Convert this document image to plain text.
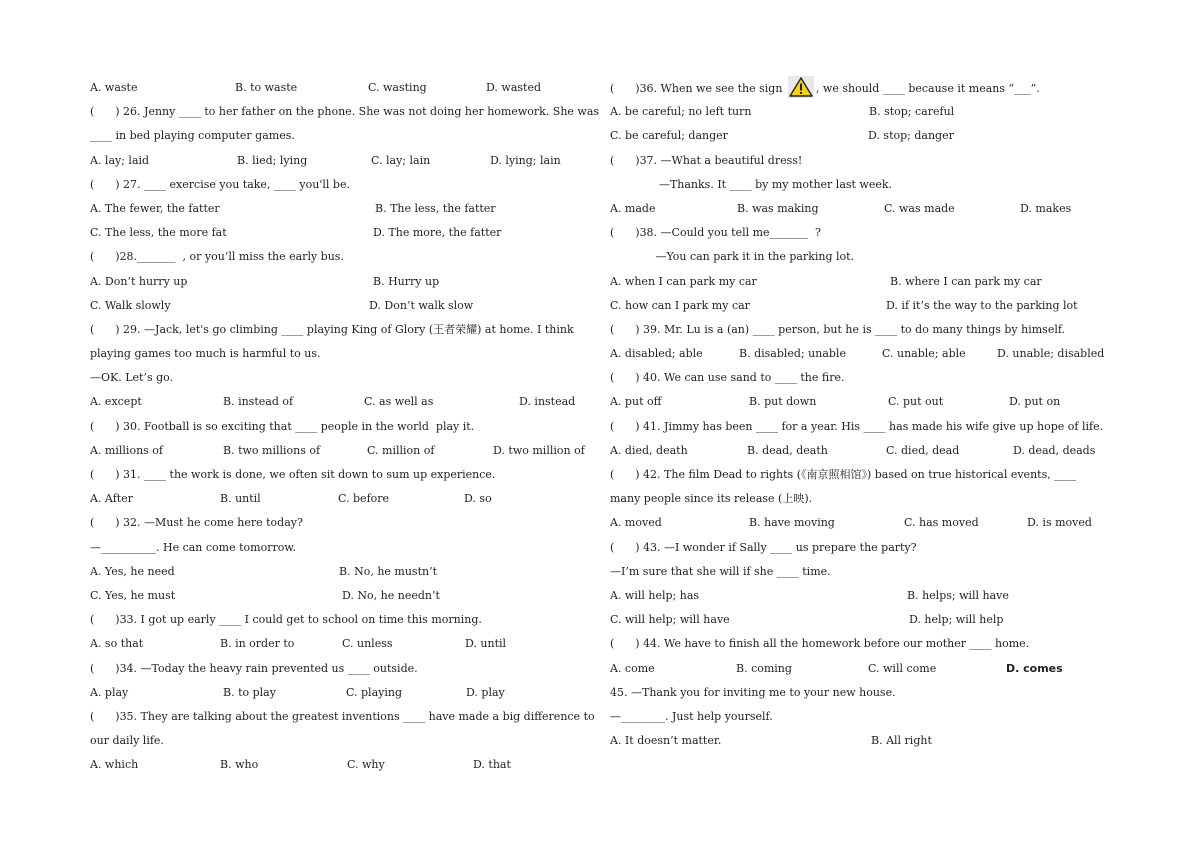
A. waste	B. to waste	C. wasting	D. wasted
(      ) 26. Jenny ____ to her father on the phone. She was not doing her homework. She was
____ in bed playing computer games.
A. lay; laid	B. lied; lying	C. lay; lain	D. lying; lain
(      ) 27. ____ exercise you take, ____ you'll be.
A. The fewer, the fatter	B. The less, the fatter
C. The less, the more fat	D. The more, the fatter
(      )28._______  , or you’ll miss the early bus.
A. Don’t hurry up	B. Hurry up
C. Walk slowly	D. Don’t walk slow
(      ) 29. —Jack, let's go climbing ____ playing King of Glory (王者荣耀) at home. I think
playing games too much is harmful to us.
—OK. Let’s go.
A. except	B. instead of	C. as well as	D. instead
(      ) 30. Football is so exciting that ____ people in the world  play it.
A. millions of	B. two millions of	C. million of	D. two million of
(      ) 31. ____ the work is done, we often sit down to sum up experience.
A. After	B. until	C. before	D. so
(      ) 32. —Must he come here today?
—__________. He can come tomorrow.
A. Yes, he need	B. No, he mustn’t
C. Yes, he must	D. No, he needn’t
(      )33. I got up early ____ I could get to school on time this morning.
A. so that	B. in order to	C. unless	D. until
(      )34. —Today the heavy rain prevented us ____ outside.
A. play	B. to play	C. playing	D. play
(      )35. They are talking about the greatest inventions ____ have made a big difference to
our daily life.
A. which	B. who	C. why	D. that
(      )36. When we see the sign	, we should ____ because it means “___”.
A. be careful; no left turn	B. stop; careful
C. be careful; danger	D. stop; danger
(      )37. —What a beautiful dress!
—Thanks. It ____ by my mother last week.
A. made	B. was making	C. was made	D. makes
(      )38. —Could you tell me_______  ?
—You can park it in the parking lot.
A. when I can park my car	B. where I can park my car
C. how can I park my car	D. if it’s the way to the parking lot
(      ) 39. Mr. Lu is a (an) ____ person, but he is ____ to do many things by himself.
A. disabled; able	B. disabled; unable	C. unable; able	D. unable; disabled
(      ) 40. We can use sand to ____ the fire.
A. put off	B. put down	C. put out	D. put on
(      ) 41. Jimmy has been ____ for a year. His ____ has made his wife give up hope of life.
A. died, death	B. dead, death	C. died, dead	D. dead, deads
(      ) 42. The film Dead to rights (《南京照相馆》) based on true historical events, ____
many people since its release (上映).
A. moved	B. have moving	C. has moved	D. is moved
(      ) 43. —I wonder if Sally ____ us prepare the party?
—I’m sure that she will if she ____ time.
A. will help; has	B. helps; will have
C. will help; will have	D. help; will help
(      ) 44. We have to finish all the homework before our mother ____ home.
A. come	B. coming	C. will come	D. comes
45. —Thank you for inviting me to your new house.
—________. Just help yourself.
A. It doesn’t matter.	B. All right
